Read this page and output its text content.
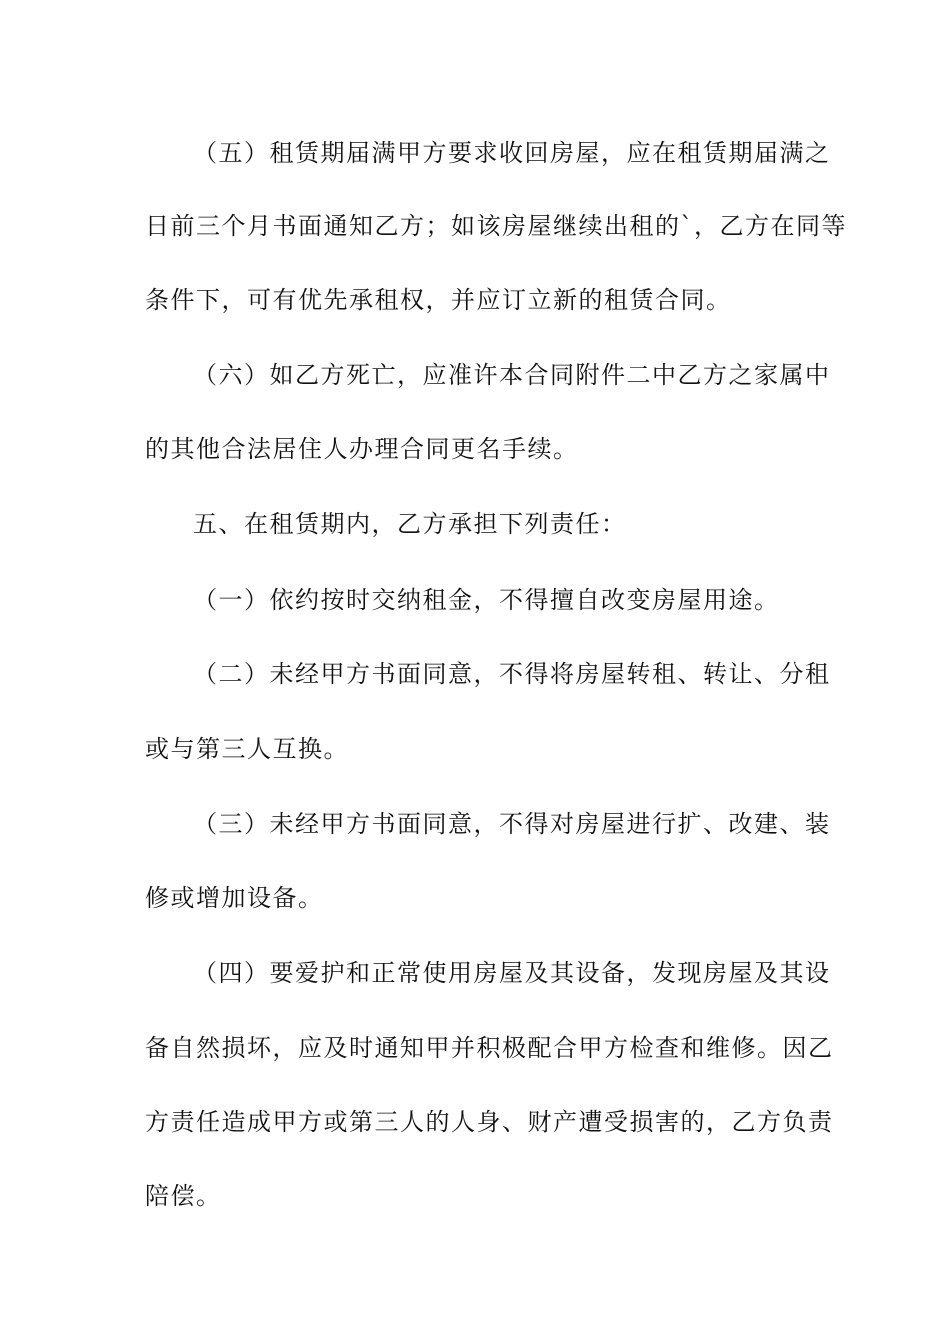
（五）租赁期届满甲方要求收回房屋，应在租赁期届满之
日前三个月书面通知乙方；如该房屋继续出租的`，乙方在同等
条件下，可有优先承租权，并应订立新的租赁合同。
（六）如乙方死亡，应准许本合同附件二中乙方之家属中
的其他合法居住人办理合同更名手续。
五、在租赁期内，乙方承担下列责任：
（一）依约按时交纳租金，不得擅自改变房屋用途。
（二）未经甲方书面同意，不得将房屋转租、转让、分租
或与第三人互换。
（三）未经甲方书面同意，不得对房屋进行扩、改建、装
修或增加设备。
（四）要爱护和正常使用房屋及其设备，发现房屋及其设
备自然损坏，应及时通知甲并积极配合甲方检查和维修。因乙
方责任造成甲方或第三人的人身、财产遭受损害的，乙方负责
陪偿。
